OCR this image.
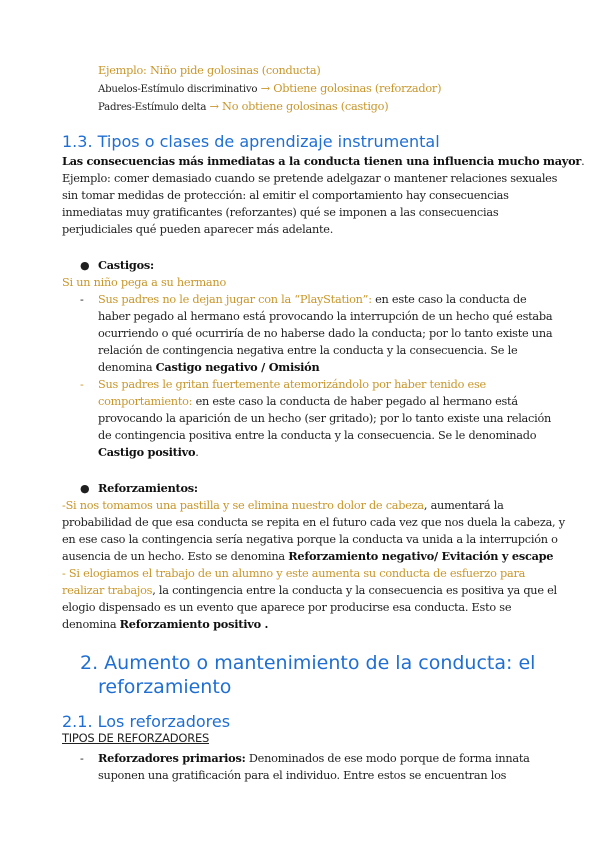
Ejemplo: Niño pide golosinas (conducta)
Abuelos-Estímulo discriminativo → Obtiene golosinas (reforzador)
Padres-Estímulo delta → No obtiene golosinas (castigo)
1.3. Tipos o clases de aprendizaje instrumental
Las consecuencias más inmediatas a la conducta tienen una influencia mucho mayor.
Ejemplo: comer demasiado cuando se pretende adelgazar o mantener relaciones sexuales
sin tomar medidas de protección: al emitir el comportamiento hay consecuencias
inmediatas muy gratificantes (reforzantes) qué se imponen a las consecuencias
perjudiciales qué pueden aparecer más adelante.
● Castigos:
Si un niño pega a su hermano
- Sus padres no le dejan jugar con la “PlayStation”: en este caso la conducta de
haber pegado al hermano está provocando la interrupción de un hecho qué estaba
ocurriendo o qué ocurriría de no haberse dado la conducta; por lo tanto existe una
relación de contingencia negativa entre la conducta y la consecuencia. Se le
denomina Castigo negativo / Omisión
- Sus padres le gritan fuertemente atemorizándolo por haber tenido ese
comportamiento: en este caso la conducta de haber pegado al hermano está
provocando la aparición de un hecho (ser gritado); por lo tanto existe una relación
de contingencia positiva entre la conducta y la consecuencia. Se le denominado
Castigo positivo.
● Reforzamientos:
-Si nos tomamos una pastilla y se elimina nuestro dolor de cabeza, aumentará la
probabilidad de que esa conducta se repita en el futuro cada vez que nos duela la cabeza, y
en ese caso la contingencia sería negativa porque la conducta va unida a la interrupción o
ausencia de un hecho. Esto se denomina Reforzamiento negativo/ Evitación y escape
- Si elogiamos el trabajo de un alumno y este aumenta su conducta de esfuerzo para
realizar trabajos, la contingencia entre la conducta y la consecuencia es positiva ya que el
elogio dispensado es un evento que aparece por producirse esa conducta. Esto se
denomina Reforzamiento positivo .
2. Aumento o mantenimiento de la conducta: el
reforzamiento
2.1. Los reforzadores
TIPOS DE REFORZADORES
- Reforzadores primarios: Denominados de ese modo porque de forma innata
suponen una gratificación para el individuo. Entre estos se encuentran los
